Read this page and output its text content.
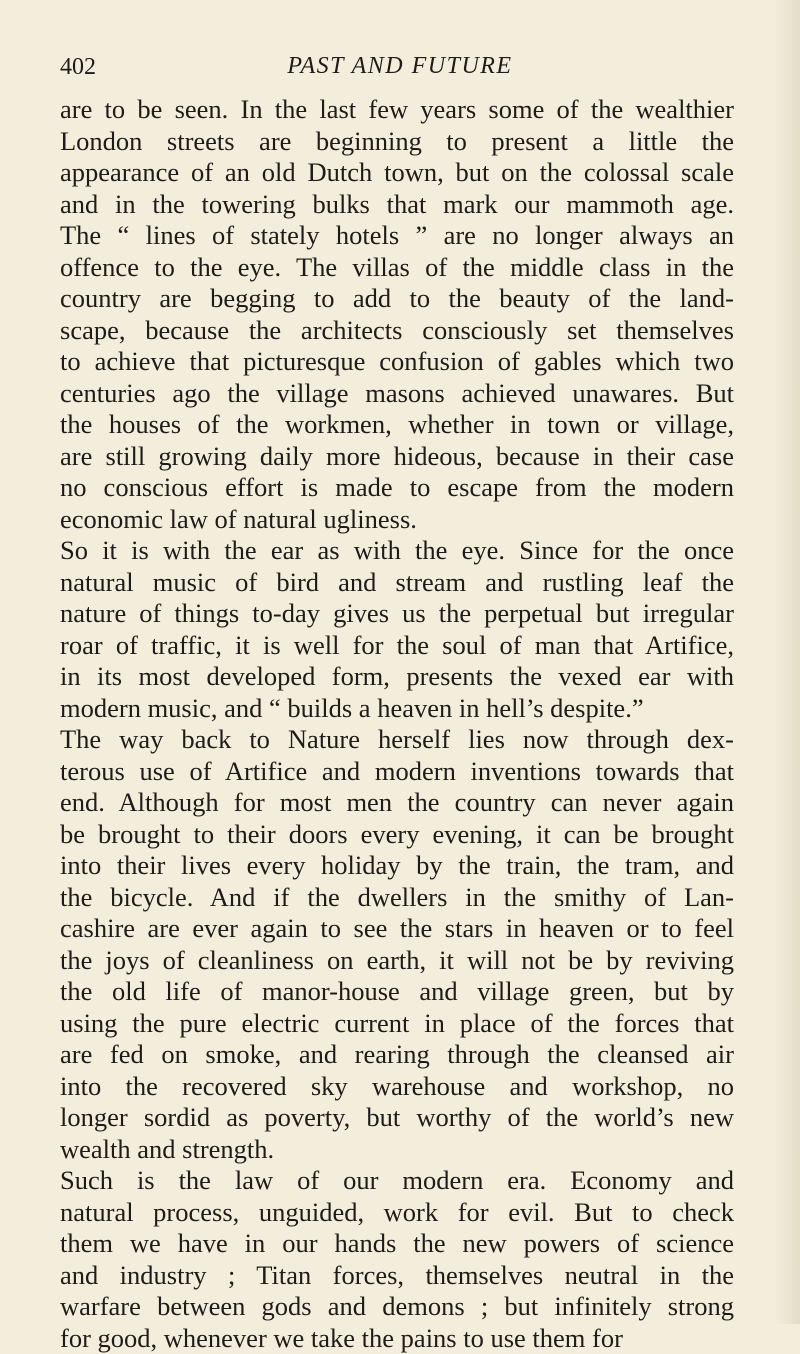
402	PAST AND FUTURE
are to be seen. In the last few years some of the wealthier
London streets are beginning to present a little the
appearance of an old Dutch town, but on the colossal scale
and in the towering bulks that mark our mammoth age.
The “ lines of stately hotels ” are no longer always an
offence to the eye. The villas of the middle class in the
country are begging to add to the beauty of the land-
scape, because the architects consciously set themselves
to achieve that picturesque confusion of gables which two
centuries ago the village masons achieved unawares. But
the houses of the workmen, whether in town or village,
are still growing daily more hideous, because in their case
no conscious effort is made to escape from the modern
economic law of natural ugliness.
So it is with the ear as with the eye. Since for the once
natural music of bird and stream and rustling leaf the
nature of things to-day gives us the perpetual but irregular
roar of traffic, it is well for the soul of man that Artifice,
in its most developed form, presents the vexed ear with
modern music, and “ builds a heaven in hell’s despite.”
The way back to Nature herself lies now through dex-
terous use of Artifice and modern inventions towards that
end. Although for most men the country can never again
be brought to their doors every evening, it can be brought
into their lives every holiday by the train, the tram, and
the bicycle. And if the dwellers in the smithy of Lan-
cashire are ever again to see the stars in heaven or to feel
the joys of cleanliness on earth, it will not be by reviving
the old life of manor-house and village green, but by
using the pure electric current in place of the forces that
are fed on smoke, and rearing through the cleansed air
into the recovered sky warehouse and workshop, no
longer sordid as poverty, but worthy of the world’s new
wealth and strength.
Such is the law of our modern era. Economy and
natural process, unguided, work for evil. But to check
them we have in our hands the new powers of science
and industry ; Titan forces, themselves neutral in the
warfare between gods and demons ; but infinitely strong
for good, whenever we take the pains to use them for
